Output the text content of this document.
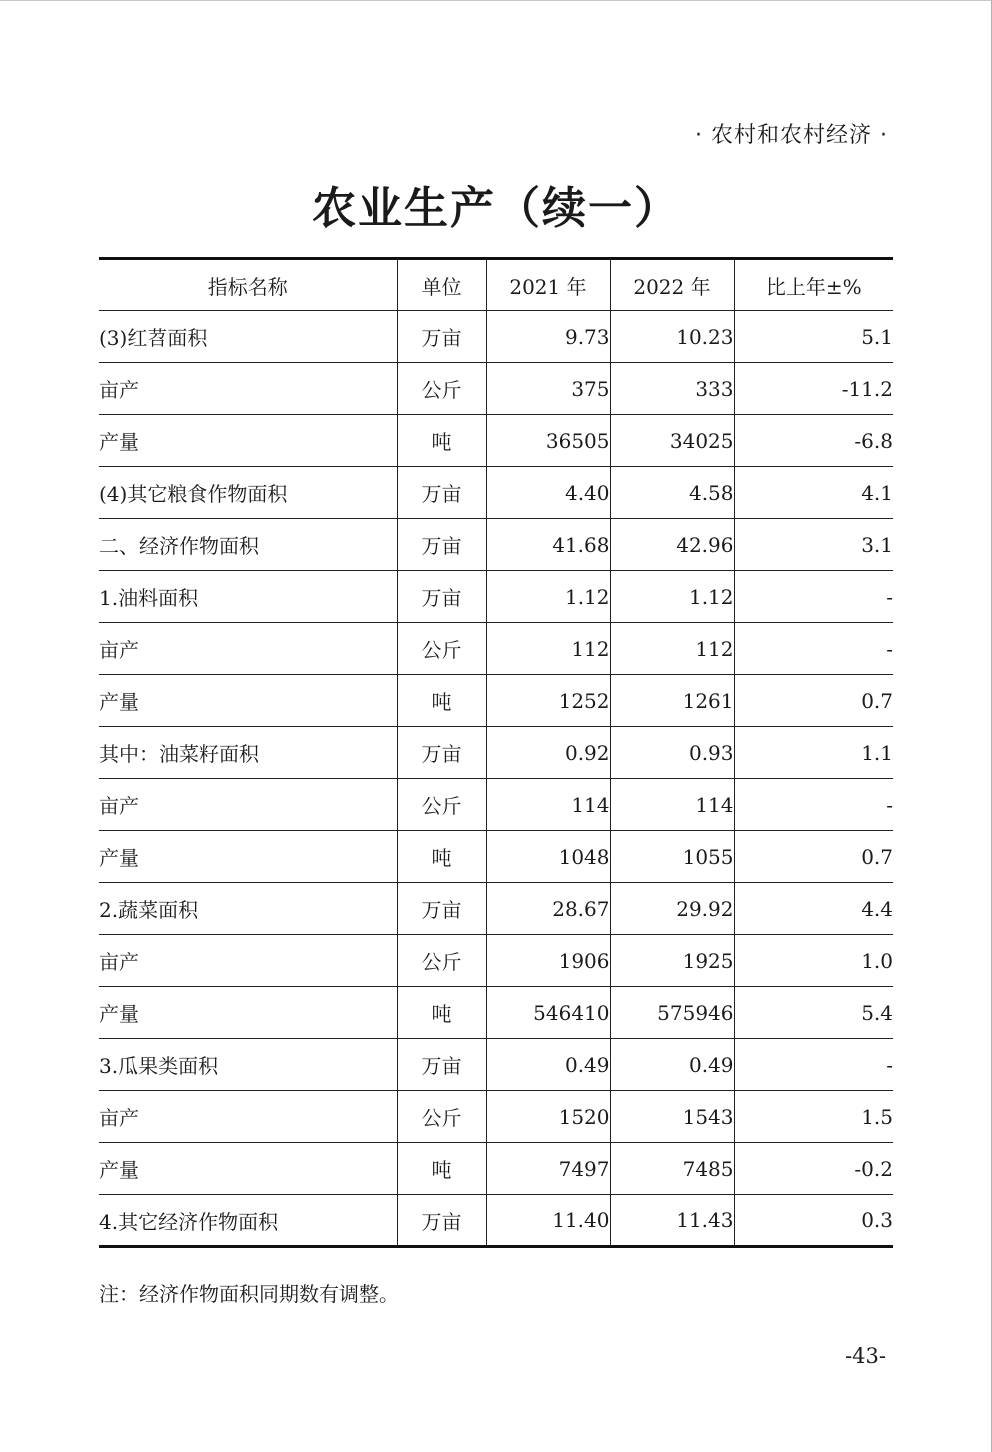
· 农村和农村经济 ·
农业生产（续一）
指标名称	单位	2021 年	2022 年	比上年±%
(3)红苕面积	万亩	9.73	10.23	5.1
亩产	公斤	375	333	-11.2
产量	吨	36505	34025	-6.8
(4)其它粮食作物面积	万亩	4.40	4.58	4.1
二、经济作物面积	万亩	41.68	42.96	3.1
1.油料面积	万亩	1.12	1.12	-
亩产	公斤	112	112	-
产量	吨	1252	1261	0.7
其中：油菜籽面积	万亩	0.92	0.93	1.1
亩产	公斤	114	114	-
产量	吨	1048	1055	0.7
2.蔬菜面积	万亩	28.67	29.92	4.4
亩产	公斤	1906	1925	1.0
产量	吨	546410	575946	5.4
3.瓜果类面积	万亩	0.49	0.49	-
亩产	公斤	1520	1543	1.5
产量	吨	7497	7485	-0.2
4.其它经济作物面积	万亩	11.40	11.43	0.3
注：经济作物面积同期数有调整。
-43-
